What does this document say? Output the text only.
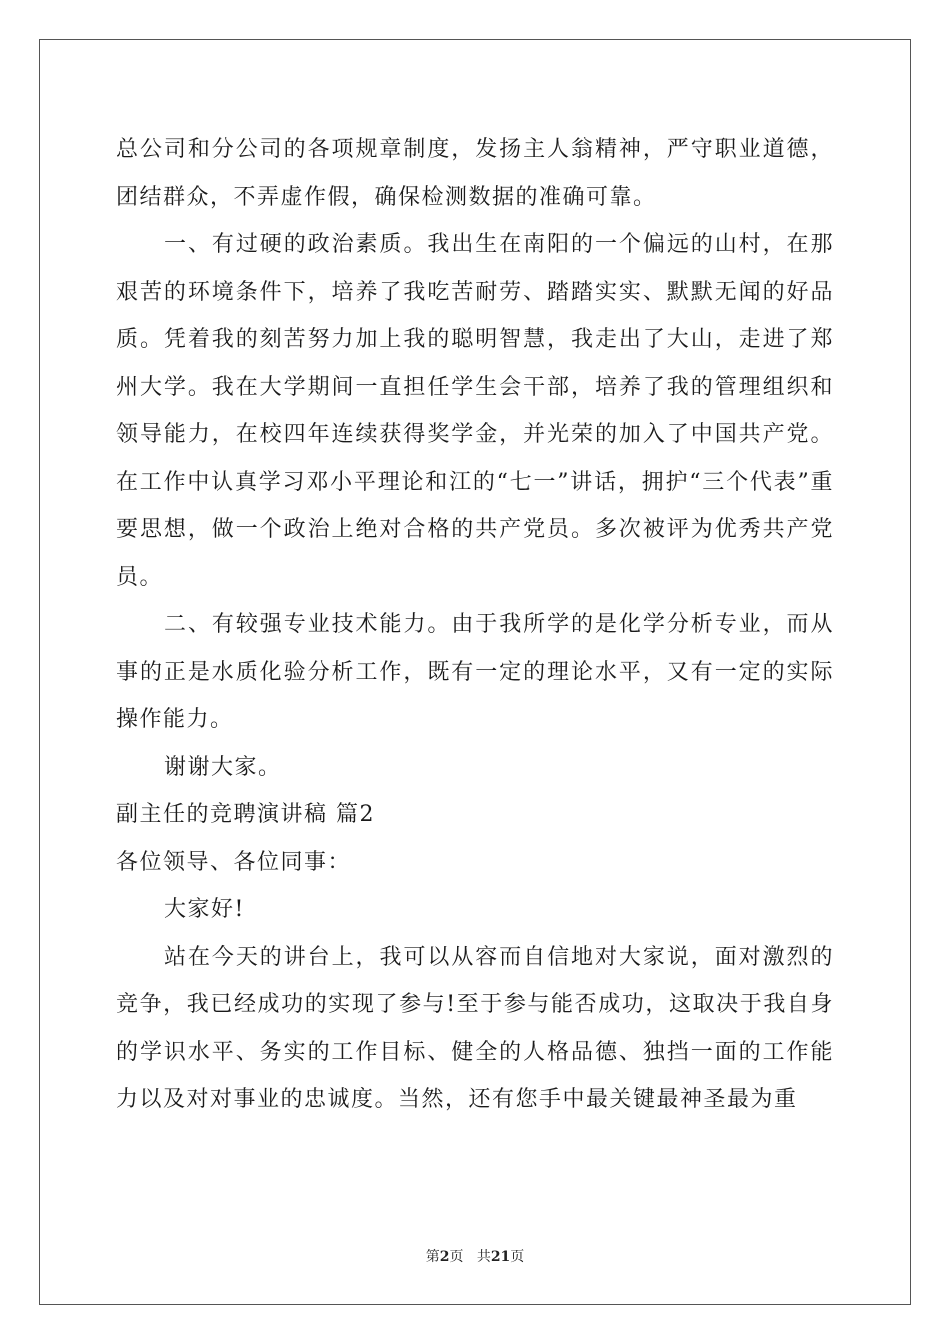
总公司和分公司的各项规章制度，发扬主人翁精神，严守职业道德，团结群众，不弄虚作假，确保检测数据的准确可靠。

一、有过硬的政治素质。我出生在南阳的一个偏远的山村，在那艰苦的环境条件下，培养了我吃苦耐劳、踏踏实实、默默无闻的好品质。凭着我的刻苦努力加上我的聪明智慧，我走出了大山，走进了郑州大学。我在大学期间一直担任学生会干部，培养了我的管理组织和领导能力，在校四年连续获得奖学金，并光荣的加入了中国共产党。在工作中认真学习邓小平理论和江的“七一”讲话，拥护“三个代表”重要思想，做一个政治上绝对合格的共产党员。多次被评为优秀共产党员。

二、有较强专业技术能力。由于我所学的是化学分析专业，而从事的正是水质化验分析工作，既有一定的理论水平，又有一定的实际操作能力。

谢谢大家。

副主任的竞聘演讲稿 篇2

各位领导、各位同事：

大家好!

站在今天的讲台上，我可以从容而自信地对大家说，面对激烈的竞争，我已经成功的实现了参与!至于参与能否成功，这取决于我自身的学识水平、务实的工作目标、健全的人格品德、独挡一面的工作能力以及对对事业的忠诚度。当然，还有您手中最关键最神圣最为重

第2页 共21页
